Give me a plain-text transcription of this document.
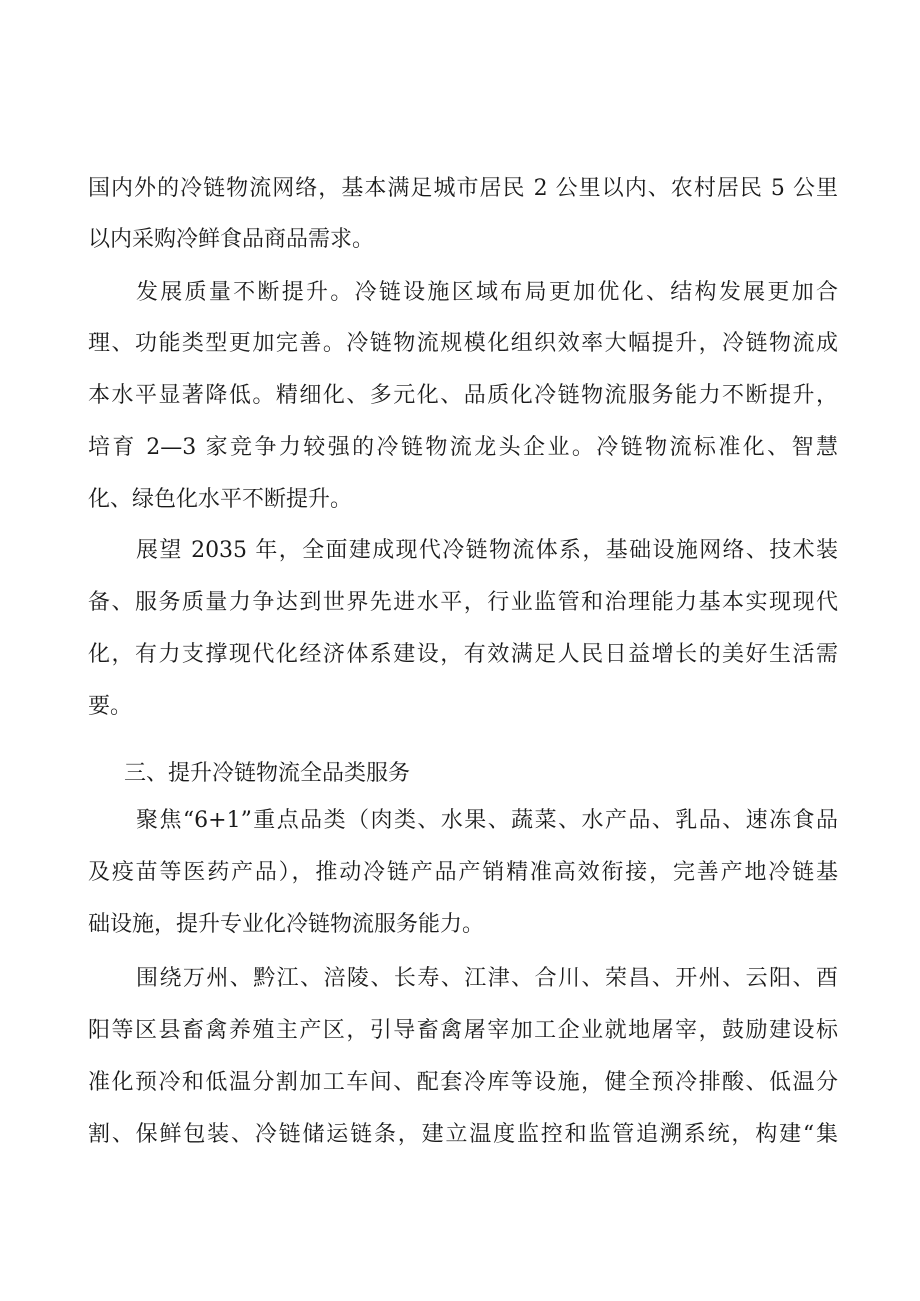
国内外的冷链物流网络，基本满足城市居民 2 公里以内、农村居民 5 公里
以内采购冷鲜食品商品需求。
发展质量不断提升。冷链设施区域布局更加优化、结构发展更加合
理、功能类型更加完善。冷链物流规模化组织效率大幅提升，冷链物流成
本水平显著降低。精细化、多元化、品质化冷链物流服务能力不断提升，
培育 2—3 家竞争力较强的冷链物流龙头企业。冷链物流标准化、智慧
化、绿色化水平不断提升。
展望 2035 年，全面建成现代冷链物流体系，基础设施网络、技术装
备、服务质量力争达到世界先进水平，行业监管和治理能力基本实现现代
化，有力支撑现代化经济体系建设，有效满足人民日益增长的美好生活需
要。
三、提升冷链物流全品类服务
聚焦“6+1”重点品类（肉类、水果、蔬菜、水产品、乳品、速冻食品
及疫苗等医药产品），推动冷链产品产销精准高效衔接，完善产地冷链基
础设施，提升专业化冷链物流服务能力。
围绕万州、黔江、涪陵、长寿、江津、合川、荣昌、开州、云阳、酉
阳等区县畜禽养殖主产区，引导畜禽屠宰加工企业就地屠宰，鼓励建设标
准化预冷和低温分割加工车间、配套冷库等设施，健全预冷排酸、低温分
割、保鲜包装、冷链储运链条，建立温度监控和监管追溯系统，构建“集
